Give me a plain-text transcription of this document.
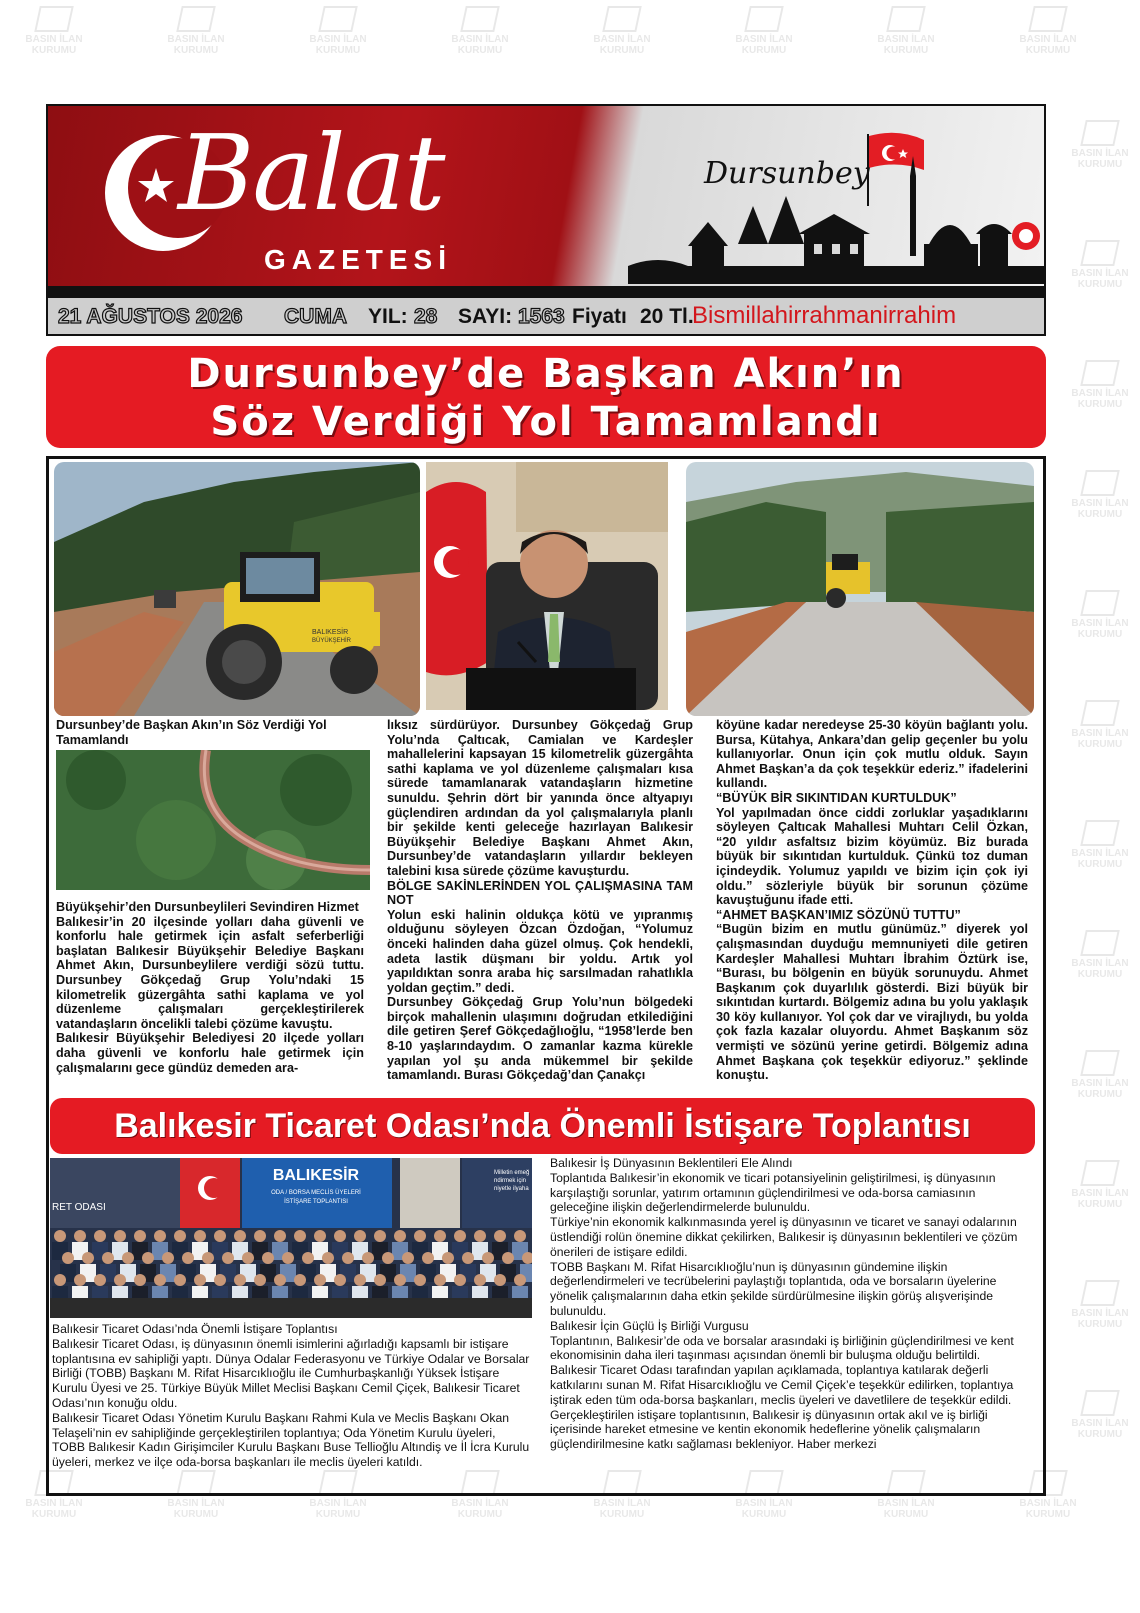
BASIN İLAN
KURUMU
BASIN İLAN
KURUMU
BASIN İLAN
KURUMU
BASIN İLAN
KURUMU
BASIN İLAN
KURUMU
BASIN İLAN
KURUMU
BASIN İLAN
KURUMU
BASIN İLAN
KURUMU
BASIN İLAN
KURUMU
BASIN İLAN
KURUMU
BASIN İLAN
KURUMU
BASIN İLAN
KURUMU
BASIN İLAN
KURUMU
BASIN İLAN
KURUMU
BASIN İLAN
KURUMU
BASIN İLAN
KURUMU
BASIN İLAN
KURUMU
BASIN İLAN
KURUMU
BASIN İLAN
KURUMU
BASIN İLAN
KURUMU
BASIN İLAN
KURUMU
BASIN İLAN
KURUMU
BASIN İLAN
KURUMU
BASIN İLAN
KURUMU
BASIN İLAN
KURUMU
BASIN İLAN
KURUMU
BASIN İLAN
KURUMU
BASIN İLAN
KURUMU
Balat
GAZETESİ
Dursunbey
21 AĞUSTOS 2026 CUMA YIL: 28 SAYI: 1563 Fiyatı 20 Tl.
Bismillahirrahmanirrahim
Dursunbey’de Başkan Akın’ın
Söz Verdiği Yol Tamamlandı
BALIKESİR
BÜYÜKŞEHİR
Dursunbey’de Başkan Akın’ın Söz Verdiği Yol Tamamlandı

Büyükşehir’den Dursunbeylileri Sevindiren Hizmet

Balıkesir’in 20 ilçesinde yolları daha güvenli ve konforlu hale getirmek için asfalt seferberliği başlatan Balıkesir Büyükşehir Belediye Başkanı Ahmet Akın, Dursunbeylilere verdiği sözü tuttu. Dursunbey Gökçedağ Grup Yolu’ndaki 15 kilometrelik güzergâhta sathi kaplama ve yol düzenleme çalışmaları gerçekleştirilerek vatandaşların öncelikli talebi çözüme kavuştu.

Balıkesir Büyükşehir Belediyesi 20 ilçede yolları daha güvenli ve konforlu hale getirmek için çalışmalarını gece gündüz demeden ara-

lıksız sürdürüyor. Dursunbey Gökçedağ Grup Yolu’nda Çaltıcak, Camialan ve Kardeşler mahallelerini kapsayan 15 kilometrelik güzergâhta sathi kaplama ve yol düzenleme çalışmaları kısa sürede tamamlanarak vatandaşların hizmetine sunuldu. Şehrin dört bir yanında önce altyapıyı güçlendiren ardından da yol çalışmalarıyla planlı bir şekilde kenti geleceğe hazırlayan Balıkesir Büyükşehir Belediye Başkanı Ahmet Akın, Dursunbey’de vatandaşların yıllardır bekleyen talebini kısa sürede çözüme kavuşturdu.

BÖLGE SAKİNLERİNDEN YOL ÇALIŞMASINA TAM NOT

Yolun eski halinin oldukça kötü ve yıpranmış olduğunu söyleyen Özcan Özdoğan, “Yolumuz önceki halinden daha güzel olmuş. Çok hendekli, adeta lastik düşmanı bir yoldu. Artık yol yapıldıktan sonra araba hiç sarsılmadan rahatlıkla yoldan geçtim.” dedi.

Dursunbey Gökçedağ Grup Yolu’nun bölgedeki birçok mahallenin ulaşımını doğrudan etkilediğini dile getiren Şeref Gökçedağlıoğlu, “1958’lerde ben 8-10 yaşlarındaydım. O zamanlar kazma kürekle yapılan yol şu anda mükemmel bir şekilde tamamlandı. Burası Gökçedağ’dan Çanakçı

köyüne kadar neredeyse 25-30 köyün bağlantı yolu. Bursa, Kütahya, Ankara’dan gelip geçenler bu yolu kullanıyorlar. Onun için çok mutlu olduk. Sayın Ahmet Başkan’a da çok teşekkür ederiz.” ifadelerini kullandı.

“BÜYÜK BİR SIKINTIDAN KURTULDUK”

Yol yapılmadan önce ciddi zorluklar yaşadıklarını söyleyen Çaltıcak Mahallesi Muhtarı Celil Özkan, “20 yıldır asfaltsız bizim köyümüz. Biz burada büyük bir sıkıntıdan kurtulduk. Çünkü toz duman içindeydik. Yolumuz yapıldı ve bizim için çok iyi oldu.” sözleriyle büyük bir sorunun çözüme kavuştuğunu ifade etti.

“AHMET BAŞKAN’IMIZ SÖZÜNÜ TUTTU”

“Bugün bizim en mutlu günümüz.” diyerek yol çalışmasından duyduğu memnuniyeti dile getiren Kardeşler Mahallesi Muhtarı İbrahim Öztürk ise, “Burası, bu bölgenin en büyük sorunuydu. Ahmet Başkanım çok duyarlılık gösterdi. Bizi büyük bir sıkıntıdan kurtardı. Bölgemiz adına bu yolu yaklaşık 30 köy kullanıyor. Yol çok dar ve virajlıydı, bu yolda çok fazla kazalar oluyordu. Ahmet Başkanım söz vermişti ve sözünü yerine getirdi. Bölgemiz adına Ahmet Başkana çok teşekkür ediyoruz.” şeklinde konuştu.

Balıkesir Ticaret Odası’nda Önemli İstişare Toplantısı
BALIKESİR
ODA / BORSA MECLİS ÜYELERİ
İSTİŞARE TOPLANTISI
RET ODASI
Milletin emeğ
ndirmek için
niyetle ilyaha

Balıkesir Ticaret Odası’nda Önemli İstişare Toplantısı

Balıkesir Ticaret Odası, iş dünyasının önemli isimlerini ağırladığı kapsamlı bir istişare toplantısına ev sahipliği yaptı. Dünya Odalar Federasyonu ve Türkiye Odalar ve Borsalar Birliği (TOBB) Başkanı M. Rifat Hisarcıklıoğlu ile Cumhurbaşkanlığı Yüksek İstişare Kurulu Üyesi ve 25. Türkiye Büyük Millet Meclisi Başkanı Cemil Çiçek, Balıkesir Ticaret Odası’nın konuğu oldu.

Balıkesir Ticaret Odası Yönetim Kurulu Başkanı Rahmi Kula ve Meclis Başkanı Okan Telaşeli’nin ev sahipliğinde gerçekleştirilen toplantıya; Oda Yönetim Kurulu üyeleri, TOBB Balıkesir Kadın Girişimciler Kurulu Başkanı Buse Tellioğlu Altındiş ve İl İcra Kurulu üyeleri, merkez ve ilçe oda-borsa başkanları ile meclis üyeleri katıldı.

Balıkesir İş Dünyasının Beklentileri Ele Alındı

Toplantıda Balıkesir’in ekonomik ve ticari potansiyelinin geliştirilmesi, iş dünyasının karşılaştığı sorunlar, yatırım ortamının güçlendirilmesi ve oda-borsa camiasının geleceğine ilişkin değerlendirmelerde bulunuldu.

Türkiye’nin ekonomik kalkınmasında yerel iş dünyasının ve ticaret ve sanayi odalarının üstlendiği rolün önemine dikkat çekilirken, Balıkesir iş dünyasının beklentileri ve çözüm önerileri de istişare edildi.

TOBB Başkanı M. Rifat Hisarcıklıoğlu’nun iş dünyasının gündemine ilişkin değerlendirmeleri ve tecrübelerini paylaştığı toplantıda, oda ve borsaların üyelerine yönelik çalışmalarının daha etkin şekilde sürdürülmesine ilişkin görüş alışverişinde bulunuldu.

Balıkesir İçin Güçlü İş Birliği Vurgusu

Toplantının, Balıkesir’de oda ve borsalar arasındaki iş birliğinin güçlendirilmesi ve kent ekonomisinin daha ileri taşınması açısından önemli bir buluşma olduğu belirtildi.

Balıkesir Ticaret Odası tarafından yapılan açıklamada, toplantıya katılarak değerli katkılarını sunan M. Rifat Hisarcıklıoğlu ve Cemil Çiçek’e teşekkür edilirken, toplantıya iştirak eden tüm oda-borsa başkanları, meclis üyeleri ve davetlilere de teşekkür edildi.

Gerçekleştirilen istişare toplantısının, Balıkesir iş dünyasının ortak akıl ve iş birliği içerisinde hareket etmesine ve kentin ekonomik hedeflerine yönelik çalışmaların güçlendirilmesine katkı sağlaması bekleniyor. Haber merkezi
